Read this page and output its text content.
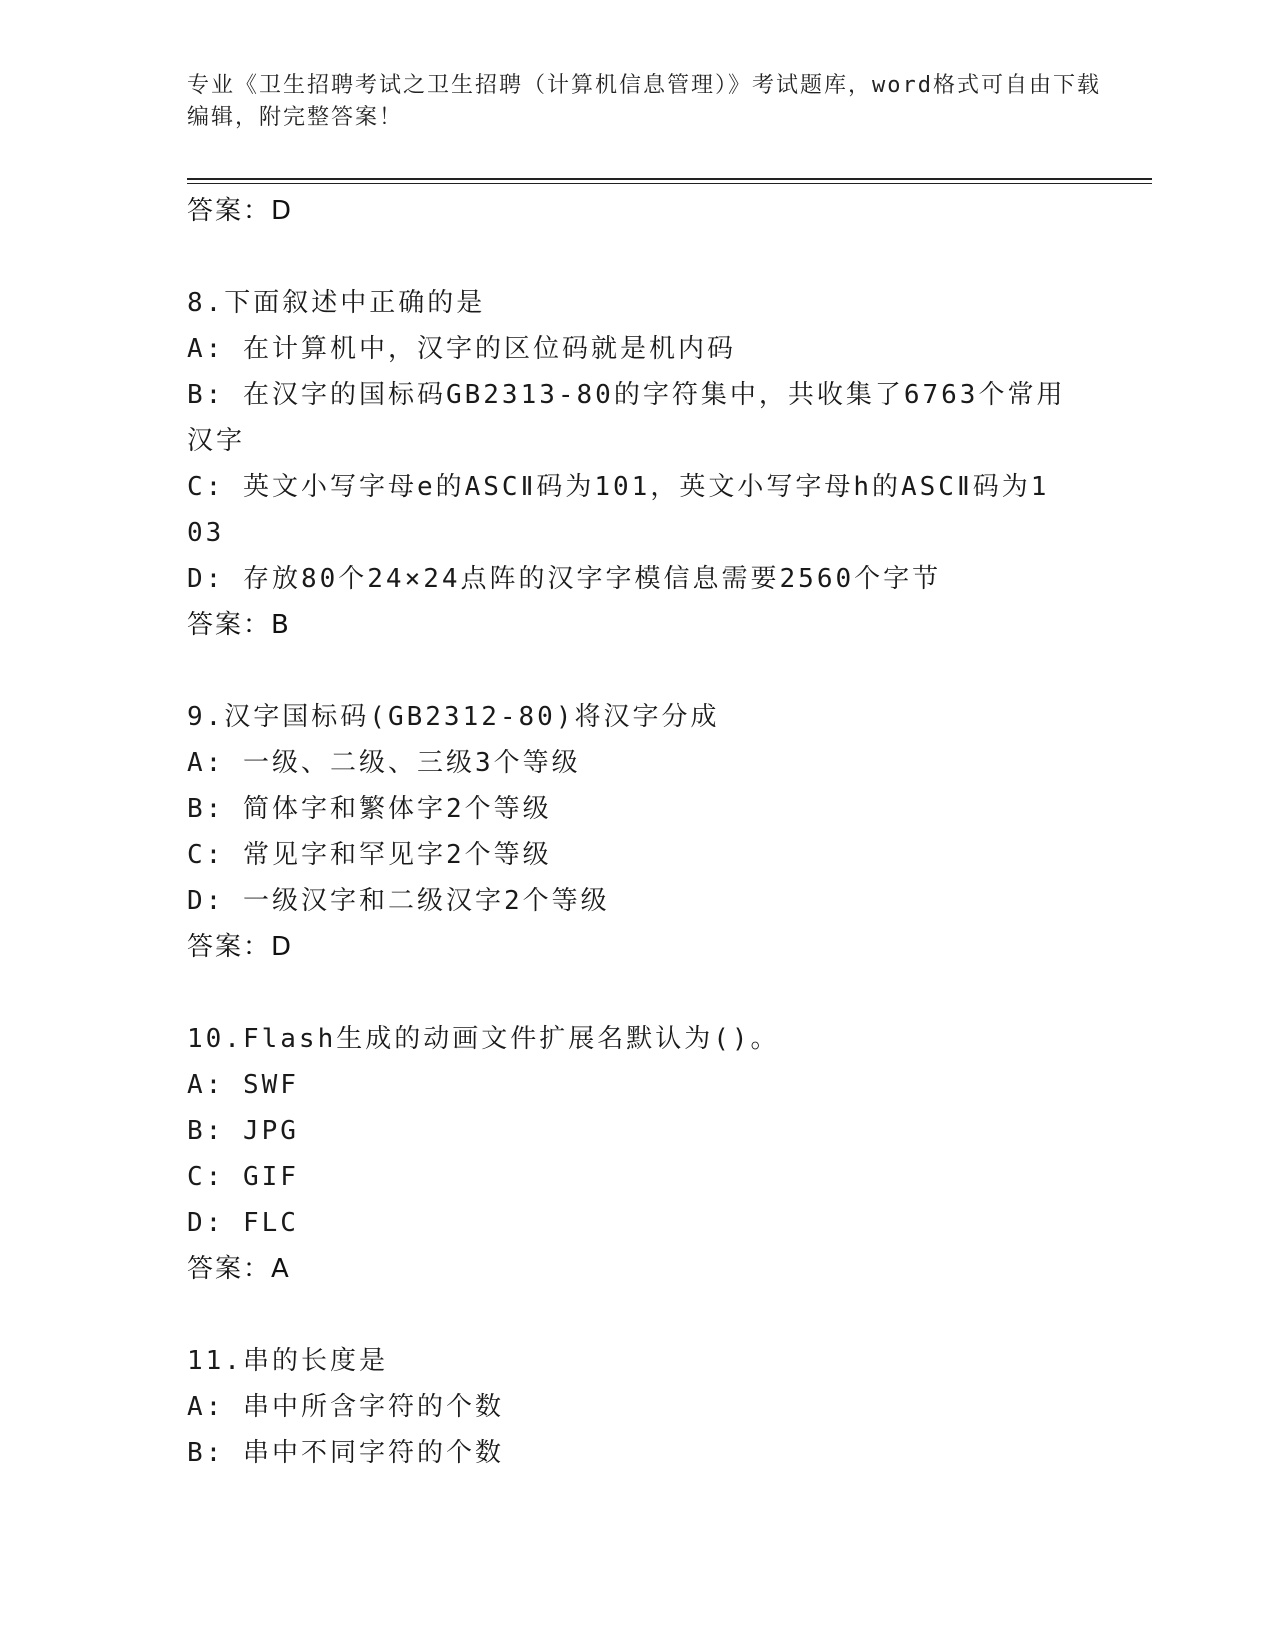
专业《卫生招聘考试之卫生招聘（计算机信息管理）》考试题库，word格式可自由下载编辑，附完整答案！
答案：D
8.下面叙述中正确的是
A: 在计算机中，汉字的区位码就是机内码
B: 在汉字的国标码GB2313-80的字符集中，共收集了6763个常用汉字
C: 英文小写字母e的ASCⅡ码为101，英文小写字母h的ASCⅡ码为103
D: 存放80个24×24点阵的汉字字模信息需要2560个字节
答案：B
9.汉字国标码(GB2312-80)将汉字分成
A: 一级、二级、三级3个等级
B: 简体字和繁体字2个等级
C: 常见字和罕见字2个等级
D: 一级汉字和二级汉字2个等级
答案：D
10.Flash生成的动画文件扩展名默认为()。
A: SWF
B: JPG
C: GIF
D: FLC
答案：A
11.串的长度是
A: 串中所含字符的个数
B: 串中不同字符的个数
